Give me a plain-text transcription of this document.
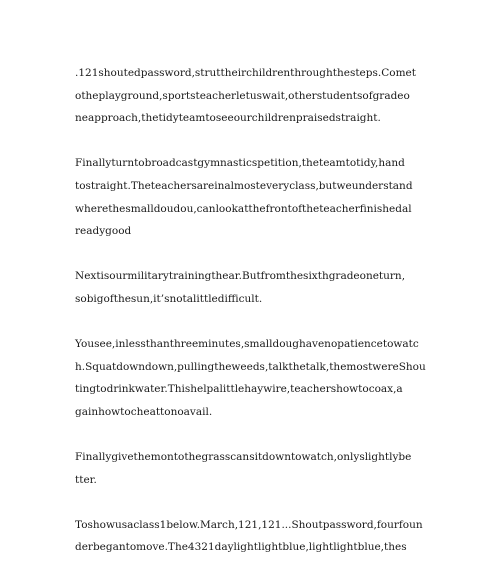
.121shoutedpassword,struttheirchildrenthroughthesteps.Comet
otheplayground,sportsteacherletuswait,otherstudentsofgradeo
neapproach,thetidyteamtoseeourchildrenpraisedstraight.

Finallyturntobroadcastgymnasticspetition,theteamtotidy,hand
tostraight.Theteachersareinalmosteveryclass,butweunderstand
wherethesmalldoudou,canlookatthefrontoftheteacherfinishedal
readygood

Nextisourmilitarytrainingthear.Butfromthesixthgradeoneturn,
sobigofthesun,it’snotalittledifficult.

Yousee,inlessthanthreeminutes,smalldoughavenopatiencetowatc
h.Squatdowndown,pullingtheweeds,talkthetalk,themostwereShou
tingtodrinkwater.Thishelpalittlehaywire,teachershowtocoax,a
gainhowtocheattonoavail.

Finallygivethemontothegrasscansitdowntowatch,onlyslightlybe
tter.

Toshowusaclass1below.March,121,121...Shoutpassword,fourfoun
derbegantomove.The4321daylightlightblue,lightlightblue,thes
